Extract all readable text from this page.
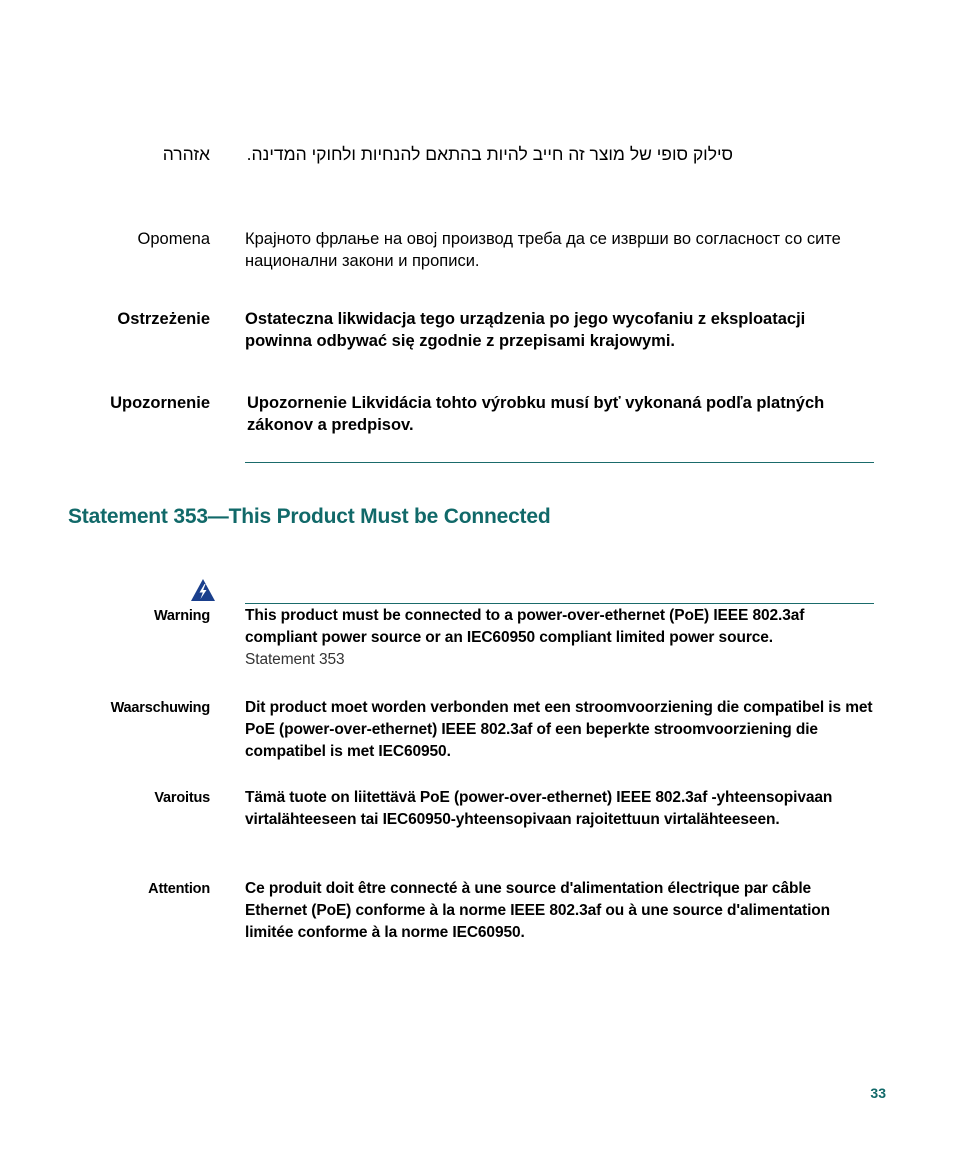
אזהרה סילוק סופי של מוצר זה חייב להיות בהתאם להנחיות ולחוקי המדינה.
Opomena Крајното фрлање на овој производ треба да се изврши во согласност со сите национални закони и прописи.
Ostrzeżenie Ostateczna likwidacja tego urządzenia po jego wycofaniu z eksploatacji powinna odbywać się zgodnie z przepisami krajowymi.
Upozornenie Upozornenie Likvidácia tohto výrobku musí byť vykonaná podľa platných zákonov a predpisov.
Statement 353—This Product Must be Connected
Warning This product must be connected to a power-over-ethernet (PoE) IEEE 802.3af compliant power source or an IEC60950 compliant limited power source.
Statement 353
Waarschuwing Dit product moet worden verbonden met een stroomvoorziening die compatibel is met PoE (power-over-ethernet) IEEE 802.3af of een beperkte stroomvoorziening die compatibel is met IEC60950.
Varoitus Tämä tuote on liitettävä PoE (power-over-ethernet) IEEE 802.3af -yhteensopivaan virtalähteeseen tai IEC60950-yhteensopivaan rajoitettuun virtalähteeseen.
Attention Ce produit doit être connecté à une source d'alimentation électrique par câble Ethernet (PoE) conforme à la norme IEEE 802.3af ou à une source d'alimentation limitée conforme à la norme IEC60950.
33
